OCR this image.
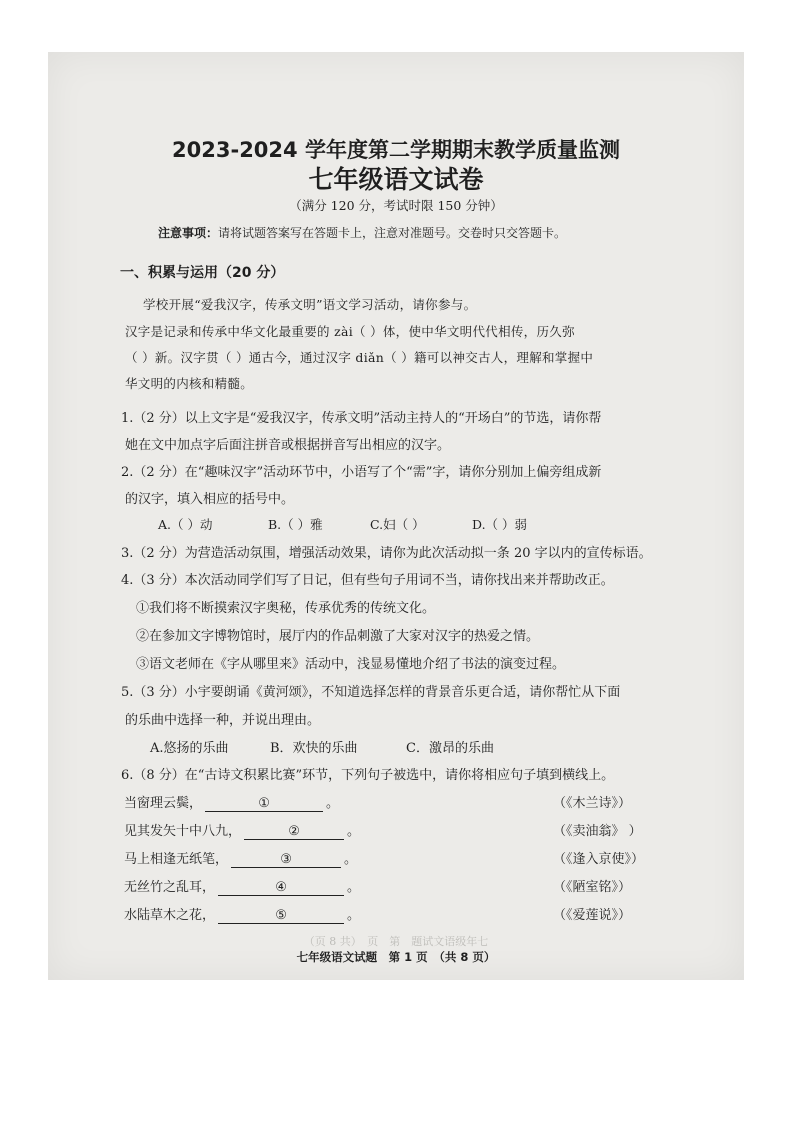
2023-2024 学年度第二学期期末教学质量监测
七年级语文试卷
（满分 120 分，考试时限 150 分钟）
注意事项：请将试题答案写在答题卡上，注意对准题号。交卷时只交答题卡。
一、积累与运用（20 分）
学校开展“爱我汉字，传承文明”语文学习活动，请你参与。
汉字是记录和传承中华文化最重要的 zài（ ）体，使中华文明代代相传，历久弥
（ ）新。汉字贯（ ）通古今，通过汉字 diǎn（ ）籍可以神交古人，理解和掌握中
华文明的内核和精髓。
1.（2 分）以上文字是“爱我汉字，传承文明”活动主持人的“开场白”的节选，请你帮
她在文中加点字后面注拼音或根据拼音写出相应的汉字。
2.（2 分）在“趣味汉字”活动环节中，小语写了个“需”字，请你分别加上偏旁组成新
的汉字，填入相应的括号中。
A.（ ）动	B.（ ）雅	C.妇（ ）	D.（ ）弱
3.（2 分）为营造活动氛围，增强活动效果，请你为此次活动拟一条 20 字以内的宣传标语。
4.（3 分）本次活动同学们写了日记，但有些句子用词不当，请你找出来并帮助改正。
①我们将不断摸索汉字奥秘，传承优秀的传统文化。
②在参加文字博物馆时，展厅内的作品刺激了大家对汉字的热爱之情。
③语文老师在《字从哪里来》活动中，浅显易懂地介绍了书法的演变过程。
5.（3 分）小宇要朗诵《黄河颂》，不知道选择怎样的背景音乐更合适，请你帮忙从下面
的乐曲中选择一种，并说出理由。
A.悠扬的乐曲	B．欢快的乐曲	C．激昂的乐曲
6.（8 分）在“古诗文积累比赛”环节，下列句子被选中，请你将相应句子填到横线上。
当窗理云鬓，	①	。	（《木兰诗》）
见其发矢十中八九，	②	。	（《卖油翁》 ）
马上相逢无纸笔，	③	。	（《逢入京使》）
无丝竹之乱耳，	④	。	（《陋室铭》）
水陆草木之花，	⑤	。	（《爱莲说》）
（页 8 共）　页　第　题试文语级年七
七年级语文试题　第 1 页　（共 8 页）
